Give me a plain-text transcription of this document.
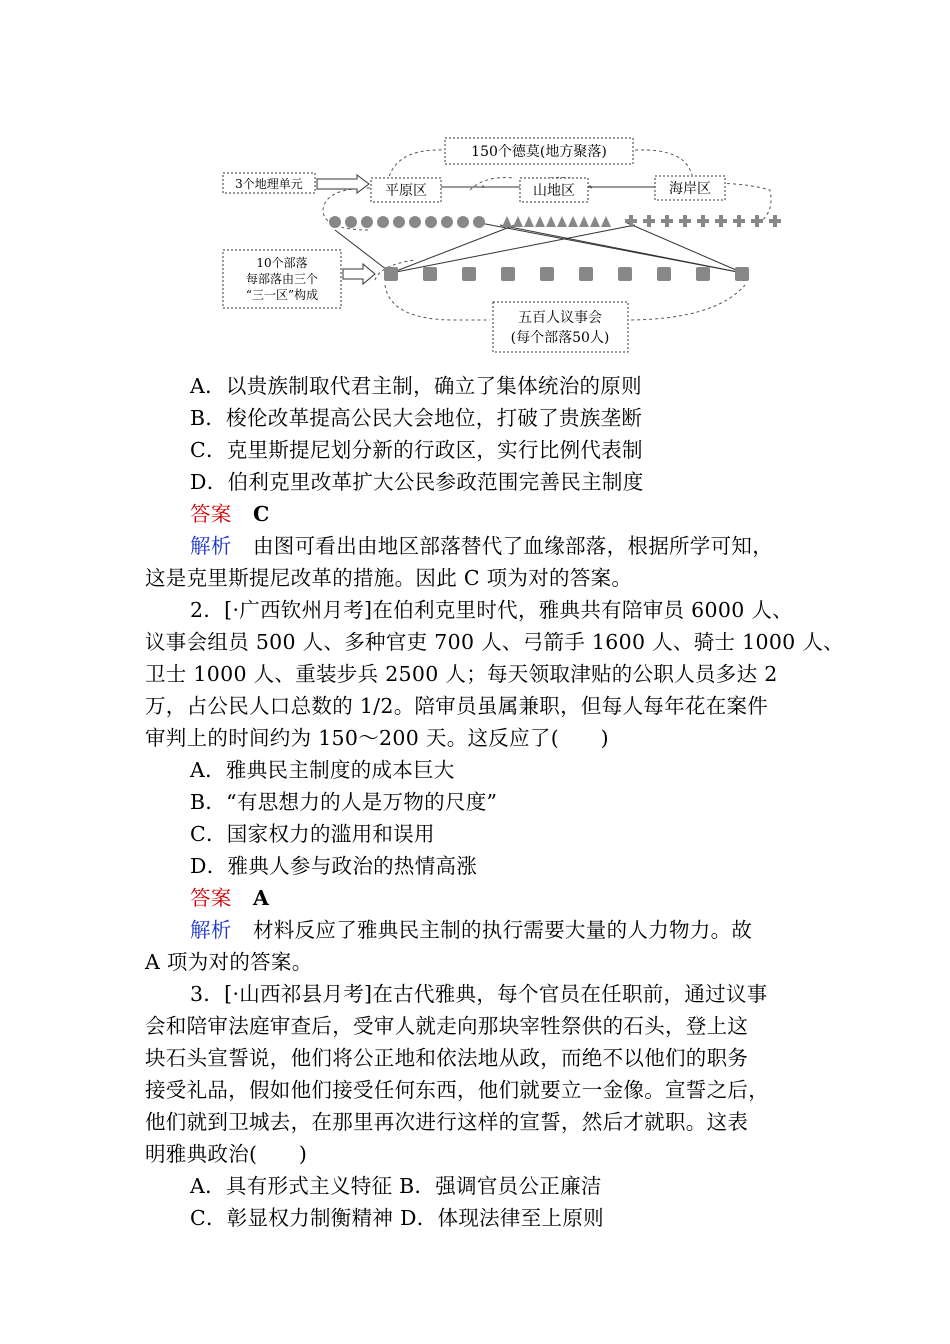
150个德莫(地方聚落)
3个地理单元	平原区	山地区	海岸区
10个部落
每部落由三个
“三一区”构成
五百人议事会
(每个部落50人)
A．以贵族制取代君主制，确立了集体统治的原则
B．梭伦改革提高公民大会地位，打破了贵族垄断
C．克里斯提尼划分新的行政区，实行比例代表制
D．伯利克里改革扩大公民参政范围完善民主制度
答案 C
解析 由图可看出由地区部落替代了血缘部落，根据所学可知，
这是克里斯提尼改革的措施。因此 C 项为对的答案。
2．[·广西钦州月考]在伯利克里时代，雅典共有陪审员 6000 人、
议事会组员 500 人、多种官吏 700 人、弓箭手 1600 人、骑士 1000 人、
卫士 1000 人、重装步兵 2500 人；每天领取津贴的公职人员多达 2
万，占公民人口总数的 1/2。陪审员虽属兼职，但每人每年花在案件
审判上的时间约为 150～200 天。这反应了(　　)
A．雅典民主制度的成本巨大
B．“有思想力的人是万物的尺度”
C．国家权力的滥用和误用
D．雅典人参与政治的热情高涨
答案 A
解析 材料反应了雅典民主制的执行需要大量的人力物力。故
A 项为对的答案。
3．[·山西祁县月考]在古代雅典，每个官员在任职前，通过议事
会和陪审法庭审查后，受审人就走向那块宰牲祭供的石头，登上这
块石头宣誓说，他们将公正地和依法地从政，而绝不以他们的职务
接受礼品，假如他们接受任何东西，他们就要立一金像。宣誓之后，
他们就到卫城去，在那里再次进行这样的宣誓，然后才就职。这表
明雅典政治(　　)
A．具有形式主义特征 B．强调官员公正廉洁
C．彰显权力制衡精神 D．体现法律至上原则
